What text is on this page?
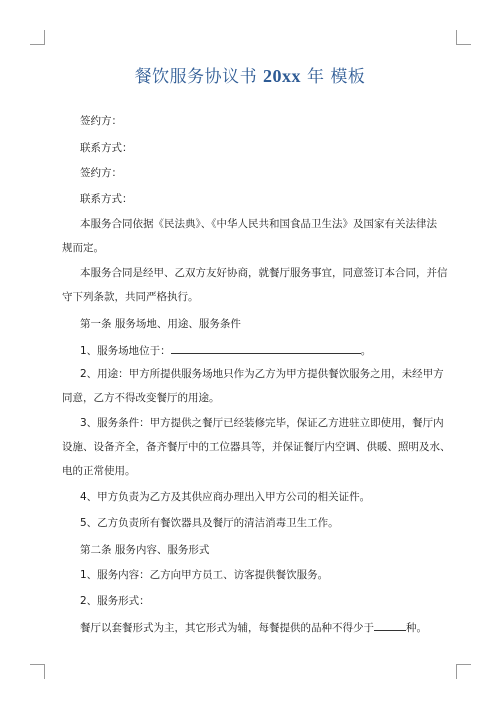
餐饮服务协议书 20xx 年 模板
签约方：
联系方式：
签约方：
联系方式：
本服务合同依据《民法典》、《中华人民共和国食品卫生法》及国家有关法律法
规而定。
本服务合同是经甲、乙双方友好协商，就餐厅服务事宜，同意签订本合同，并信
守下列条款，共同严格执行。
第一条 服务场地、用途、服务条件
1、服务场地位于：	。
2、用途：甲方所提供服务场地只作为乙方为甲方提供餐饮服务之用，未经甲方
同意，乙方不得改变餐厅的用途。
3、服务条件：甲方提供之餐厅已经装修完毕，保证乙方进驻立即使用，餐厅内
设施、设备齐全，备齐餐厅中的工位器具等，并保证餐厅内空调、供暖、照明及水、
电的正常使用。
4、甲方负责为乙方及其供应商办理出入甲方公司的相关证件。
5、乙方负责所有餐饮器具及餐厅的清洁消毒卫生工作。
第二条 服务内容、服务形式
1、服务内容：乙方向甲方员工、访客提供餐饮服务。
2、服务形式：
餐厅以套餐形式为主，其它形式为辅，每餐提供的品种不得少于	种。
